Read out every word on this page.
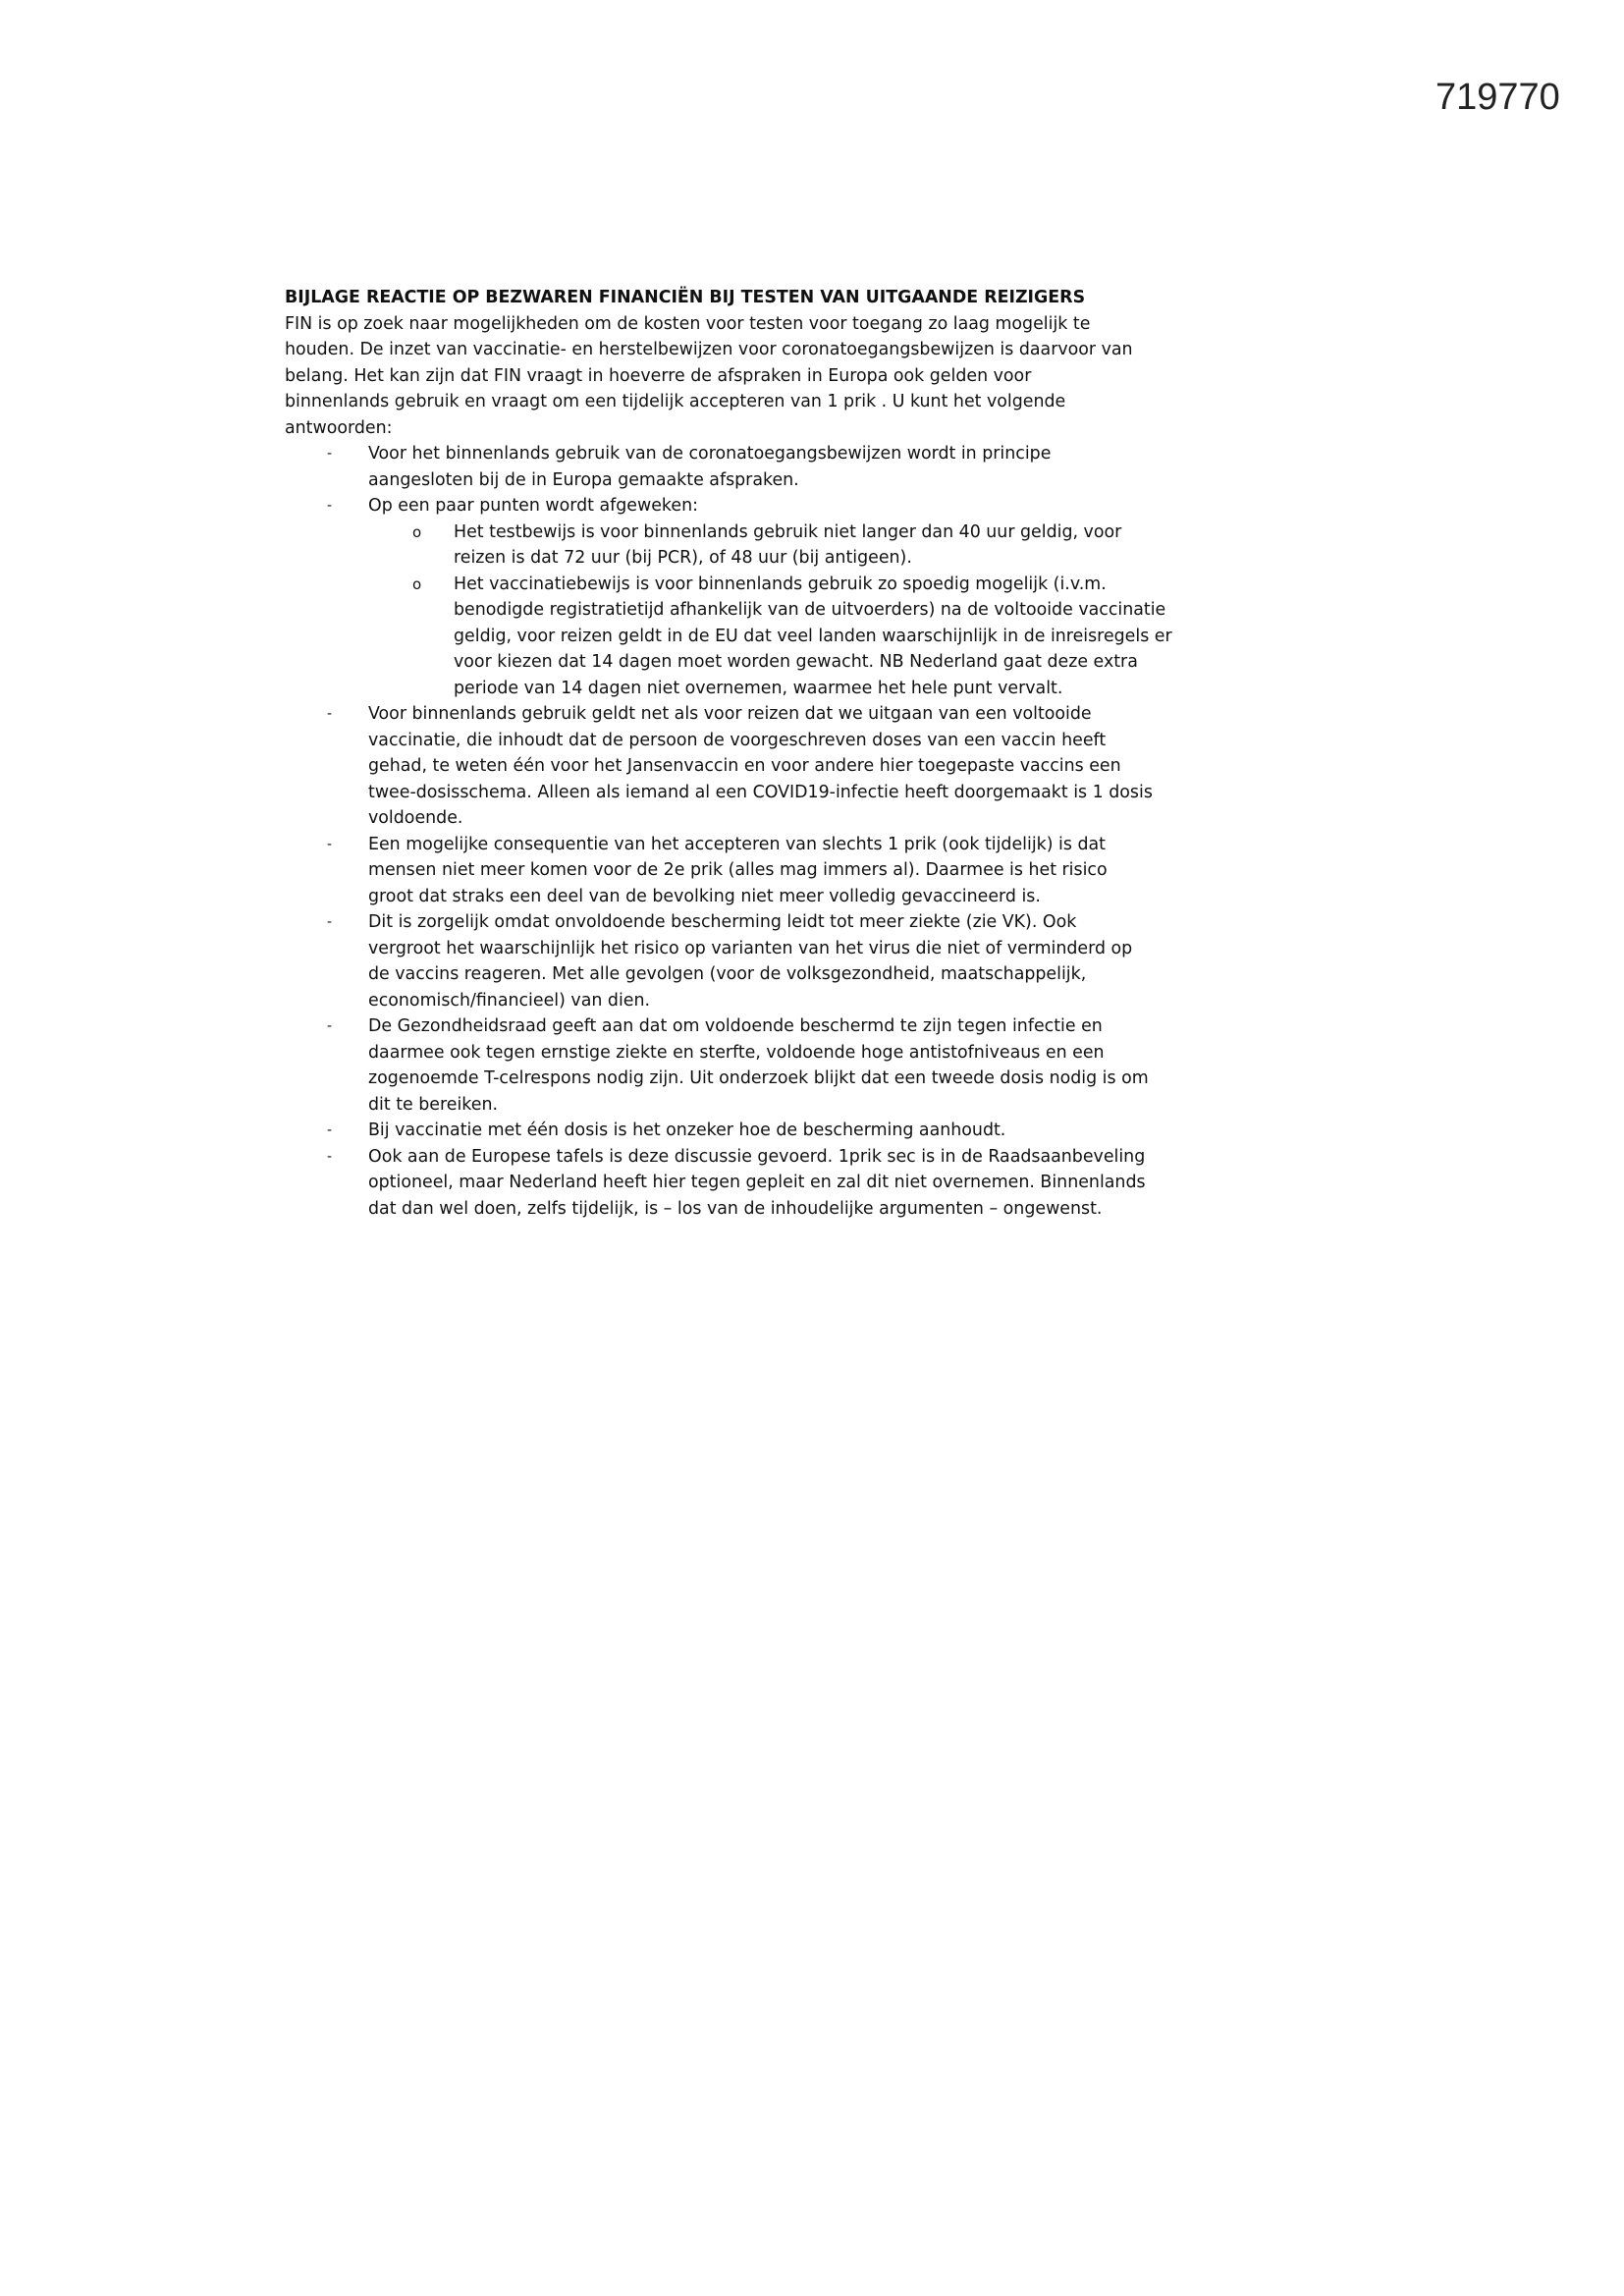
719770
BIJLAGE REACTIE OP BEZWAREN FINANCIËN BIJ TESTEN VAN UITGAANDE REIZIGERS
FIN is op zoek naar mogelijkheden om de kosten voor testen voor toegang zo laag mogelijk te
houden. De inzet van vaccinatie- en herstelbewijzen voor coronatoegangsbewijzen is daarvoor van
belang. Het kan zijn dat FIN vraagt in hoeverre de afspraken in Europa ook gelden voor
binnenlands gebruik en vraagt om een tijdelijk accepteren van 1 prik . U kunt het volgende
antwoorden:
- Voor het binnenlands gebruik van de coronatoegangsbewijzen wordt in principe
aangesloten bij de in Europa gemaakte afspraken.
- Op een paar punten wordt afgeweken:
o Het testbewijs is voor binnenlands gebruik niet langer dan 40 uur geldig, voor
reizen is dat 72 uur (bij PCR), of 48 uur (bij antigeen).
o Het vaccinatiebewijs is voor binnenlands gebruik zo spoedig mogelijk (i.v.m.
benodigde registratietijd afhankelijk van de uitvoerders) na de voltooide vaccinatie
geldig, voor reizen geldt in de EU dat veel landen waarschijnlijk in de inreisregels er
voor kiezen dat 14 dagen moet worden gewacht. NB Nederland gaat deze extra
periode van 14 dagen niet overnemen, waarmee het hele punt vervalt.
- Voor binnenlands gebruik geldt net als voor reizen dat we uitgaan van een voltooide
vaccinatie, die inhoudt dat de persoon de voorgeschreven doses van een vaccin heeft
gehad, te weten één voor het Jansenvaccin en voor andere hier toegepaste vaccins een
twee-dosisschema. Alleen als iemand al een COVID19-infectie heeft doorgemaakt is 1 dosis
voldoende.
- Een mogelijke consequentie van het accepteren van slechts 1 prik (ook tijdelijk) is dat
mensen niet meer komen voor de 2e prik (alles mag immers al). Daarmee is het risico
groot dat straks een deel van de bevolking niet meer volledig gevaccineerd is.
- Dit is zorgelijk omdat onvoldoende bescherming leidt tot meer ziekte (zie VK). Ook
vergroot het waarschijnlijk het risico op varianten van het virus die niet of verminderd op
de vaccins reageren. Met alle gevolgen (voor de volksgezondheid, maatschappelijk,
economisch/financieel) van dien.
- De Gezondheidsraad geeft aan dat om voldoende beschermd te zijn tegen infectie en
daarmee ook tegen ernstige ziekte en sterfte, voldoende hoge antistofniveaus en een
zogenoemde T-celrespons nodig zijn. Uit onderzoek blijkt dat een tweede dosis nodig is om
dit te bereiken.
- Bij vaccinatie met één dosis is het onzeker hoe de bescherming aanhoudt.
- Ook aan de Europese tafels is deze discussie gevoerd. 1prik sec is in de Raadsaanbeveling
optioneel, maar Nederland heeft hier tegen gepleit en zal dit niet overnemen. Binnenlands
dat dan wel doen, zelfs tijdelijk, is – los van de inhoudelijke argumenten – ongewenst.
